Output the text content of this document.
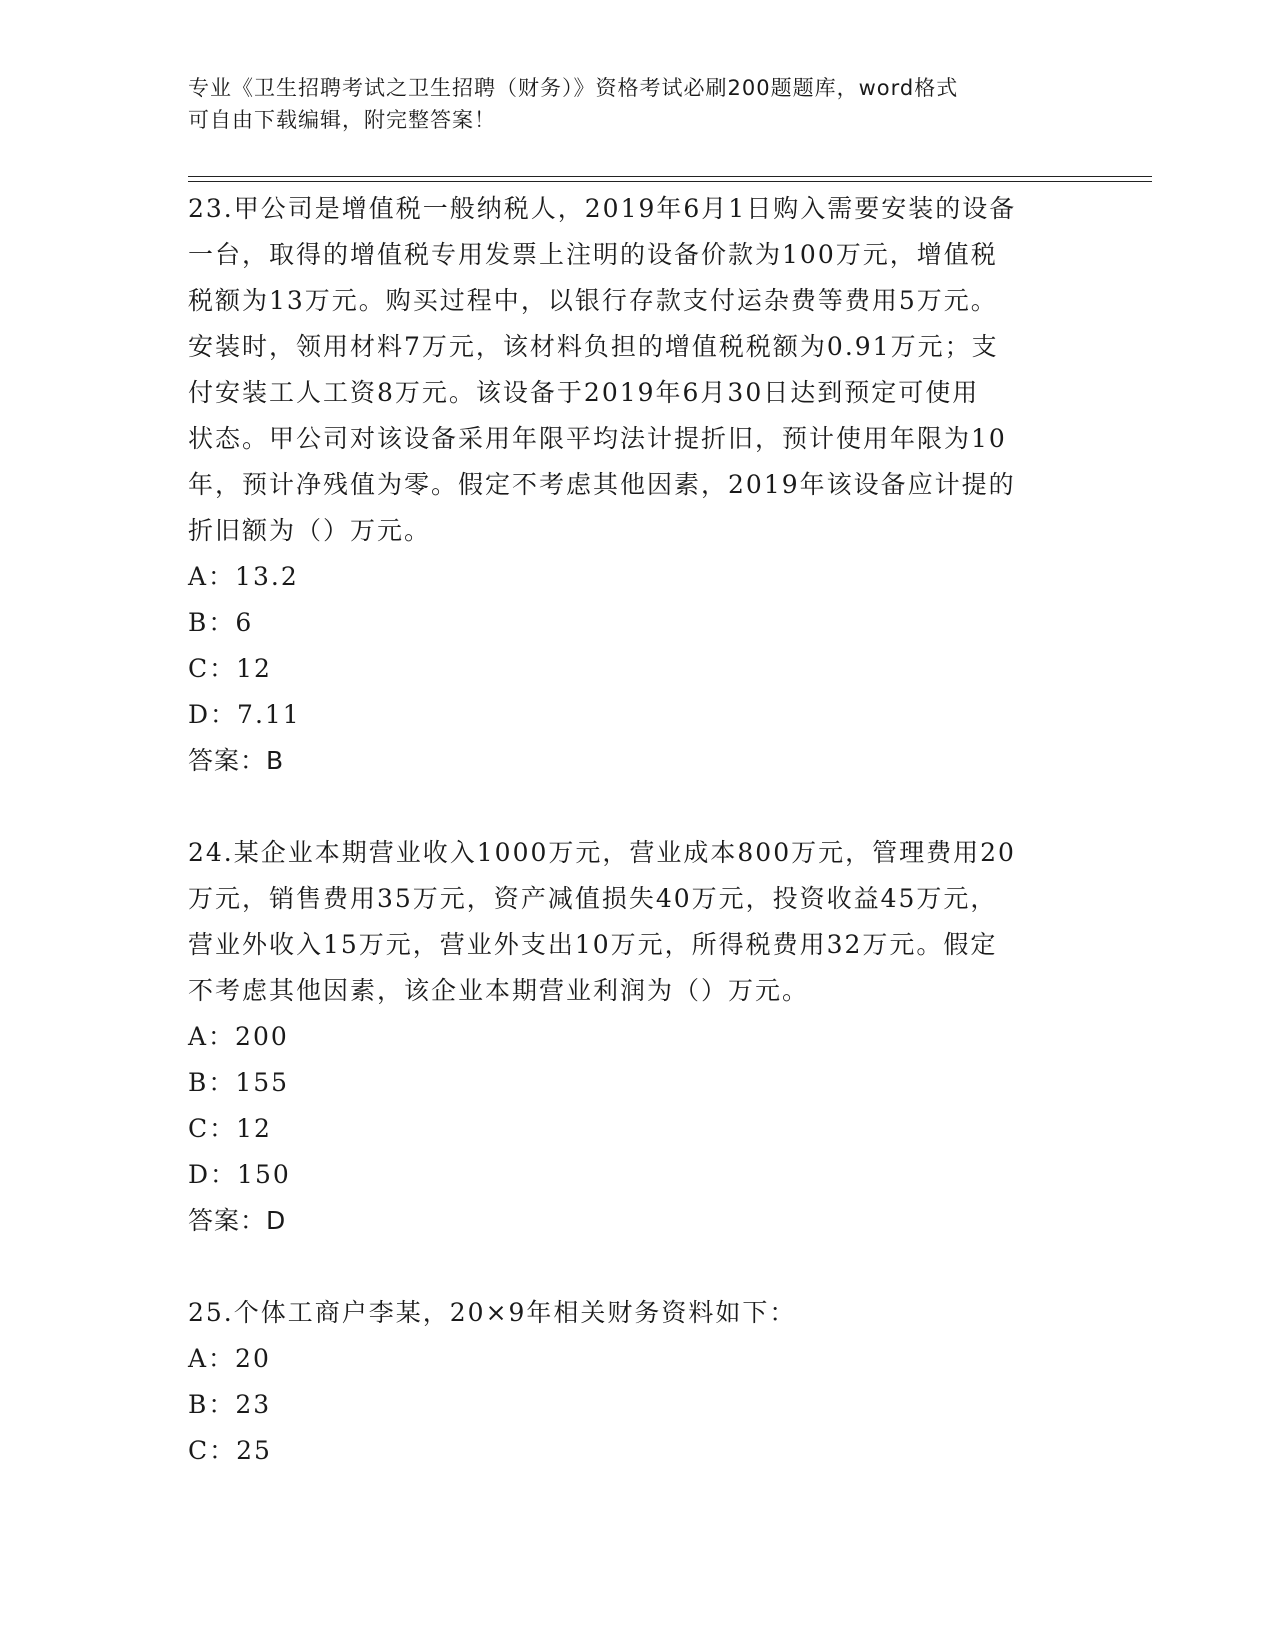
专业《卫生招聘考试之卫生招聘（财务）》资格考试必刷200题题库，word格式
可自由下载编辑，附完整答案！
23.甲公司是增值税一般纳税人，2019年6月1日购入需要安装的设备
一台，取得的增值税专用发票上注明的设备价款为100万元，增值税
税额为13万元。购买过程中，以银行存款支付运杂费等费用5万元。
安装时，领用材料7万元，该材料负担的增值税税额为0.91万元；支
付安装工人工资8万元。该设备于2019年6月30日达到预定可使用
状态。甲公司对该设备采用年限平均法计提折旧，预计使用年限为10
年，预计净残值为零。假定不考虑其他因素，2019年该设备应计提的
折旧额为（）万元。
A：13.2
B：6
C：12
D：7.11
答案：B
24.某企业本期营业收入1000万元，营业成本800万元，管理费用20
万元，销售费用35万元，资产减值损失40万元，投资收益45万元，
营业外收入15万元，营业外支出10万元，所得税费用32万元。假定
不考虑其他因素，该企业本期营业利润为（）万元。
A：200
B：155
C：12
D：150
答案：D
25.个体工商户李某，20×9年相关财务资料如下：
A：20
B：23
C：25
